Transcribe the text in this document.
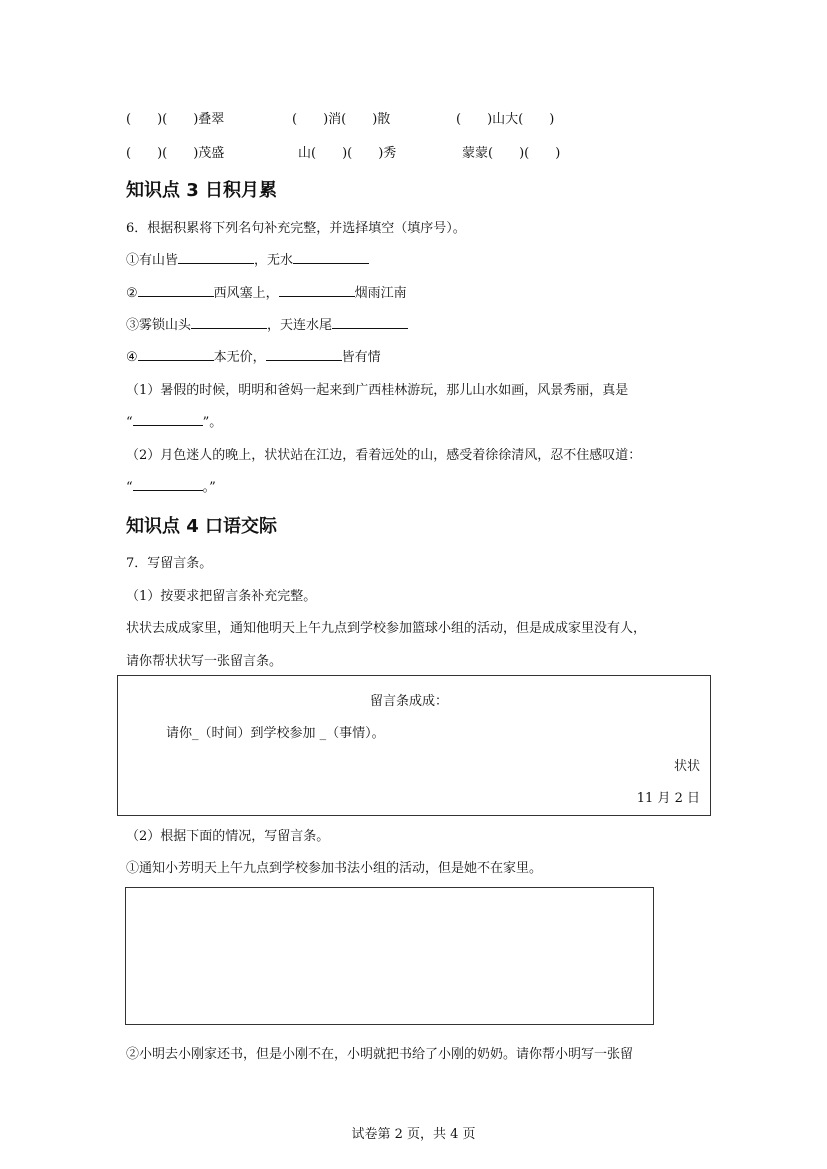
(　　)(　　)叠翠	(　　)消(　　)散	(　　)山大(　　)
(　　)(　　)茂盛	山(　　)(　　)秀	蒙蒙(　　)(　　)
知识点 3 日积月累
6．根据积累将下列名句补充完整，并选择填空（填序号）。
①有山皆	，无水
②	西风塞上，	烟雨江南
③雾锁山头	，天连水尾
④	本无价，	皆有情
（1）暑假的时候，明明和爸妈一起来到广西桂林游玩，那儿山水如画，风景秀丽，真是
“	”。
（2）月色迷人的晚上，状状站在江边，看着远处的山，感受着徐徐清风，忍不住感叹道：
“	。”
知识点 4 口语交际
7．写留言条。
（1）按要求把留言条补充完整。
状状去成成家里，通知他明天上午九点到学校参加篮球小组的活动，但是成成家里没有人，
请你帮状状写一张留言条。
留言条成成：
请你_（时间）到学校参加 _（事情）。
状状
11 月 2 日
（2）根据下面的情况，写留言条。
①通知小芳明天上午九点到学校参加书法小组的活动，但是她不在家里。
②小明去小刚家还书，但是小刚不在，小明就把书给了小刚的奶奶。请你帮小明写一张留
试卷第 2 页，共 4 页
